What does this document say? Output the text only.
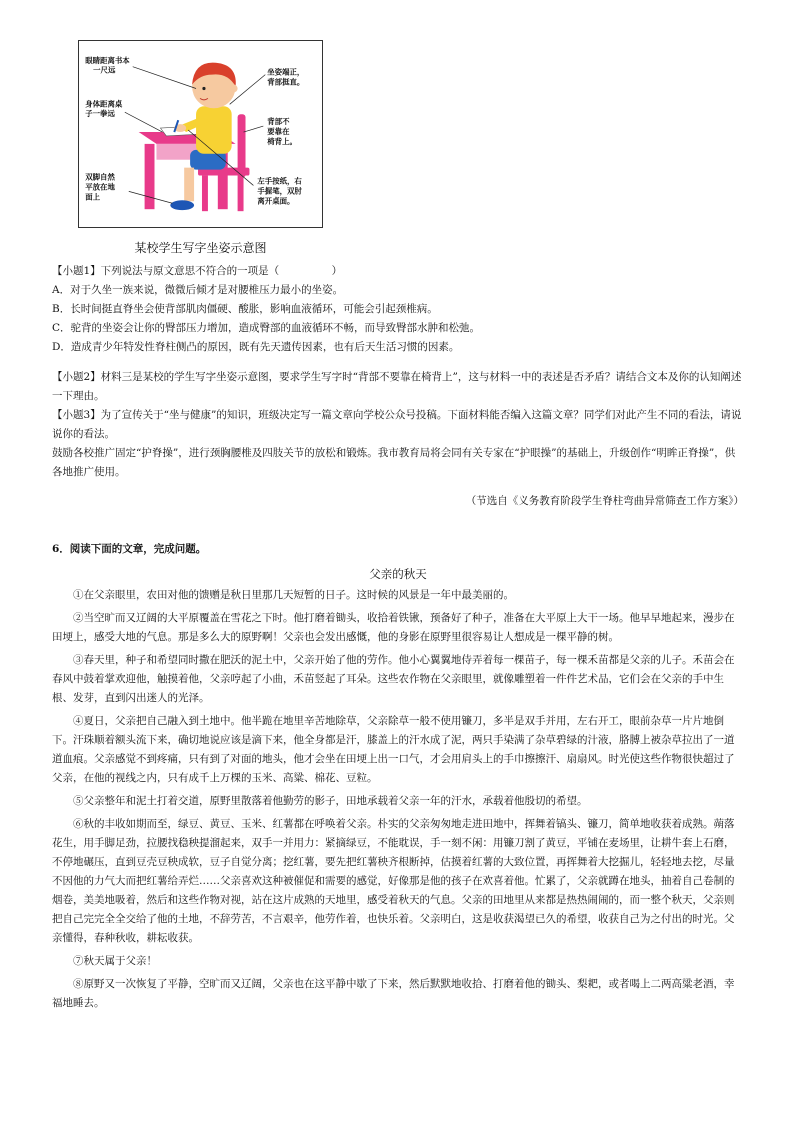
眼睛距离书本
一尺远
身体距离桌
子一拳远
双脚自然
平放在地
面上
坐姿端正，
背部挺直。
背部不
要靠在
椅背上。
左手按纸，右
手握笔，双肘
离开桌面。
某校学生写字坐姿示意图

【小题1】下列说法与原文意思不符合的一项是（　　　　　）

A．对于久坐一族来说，微微后倾才是对腰椎压力最小的坐姿。

B．长时间挺直脊坐会使背部肌肉僵硬、酸胀，影响血液循环，可能会引起颈椎病。

C．驼背的坐姿会让你的臀部压力增加，造成臀部的血液循环不畅，而导致臀部水肿和松弛。

D．造成青少年特发性脊柱侧凸的原因，既有先天遗传因素，也有后天生活习惯的因素。

【小题2】材料三是某校的学生写字坐姿示意图，要求学生写字时“背部不要靠在椅背上”，这与材料一中的表述是否矛盾？请结合文本及你的认知阐述一下理由。

【小题3】为了宣传关于“坐与健康”的知识，班级决定写一篇文章向学校公众号投稿。下面材料能否编入这篇文章？同学们对此产生不同的看法，请说说你的看法。

鼓励各校推广固定“护脊操”，进行颈胸腰椎及四肢关节的放松和锻炼。我市教育局将会同有关专家在“护眼操”的基础上，升级创作“明眸正脊操”，供各地推广使用。

（节选自《义务教育阶段学生脊柱弯曲异常筛查工作方案》）

6．阅读下面的文章，完成问题。

父亲的秋天

①在父亲眼里，农田对他的馈赠是秋日里那几天短暂的日子。这时候的风景是一年中最美丽的。

②当空旷而又辽阔的大平原覆盖在雪花之下时。他打磨着锄头，收拾着铁锹，预备好了种子，准备在大平原上大干一场。他早早地起来，漫步在田埂上，感受大地的气息。那是多么大的原野啊！父亲也会发出感慨，他的身影在原野里很容易让人想成是一棵平静的树。

③春天里，种子和希望同时撒在肥沃的泥土中，父亲开始了他的劳作。他小心翼翼地侍弄着每一棵苗子，每一棵禾苗都是父亲的儿子。禾苗会在春风中鼓着掌欢迎他，触摸着他，父亲哼起了小曲，禾苗竖起了耳朵。这些农作物在父亲眼里，就像雕塑着一件件艺术品，它们会在父亲的手中生根、发芽，直到闪出迷人的光泽。

④夏日，父亲把自己融入到土地中。他半跪在地里辛苦地除草，父亲除草一般不使用镰刀，多半是双手并用，左右开工，眼前杂草一片片地倒下。汗珠顺着额头流下来，确切地说应该是滴下来，他全身都是汗，膝盖上的汗水成了泥，两只手染满了杂草碧绿的汁液，胳膊上被杂草拉出了一道道血痕。父亲感觉不到疼痛，只有到了对面的地头，他才会坐在田埂上出一口气，才会用肩头上的手巾擦擦汗、扇扇风。时光使这些作物很快超过了父亲，在他的视线之内，只有成千上万棵的玉米、高粱、棉花、豆粒。

⑤父亲整年和泥土打着交道，原野里散落着他勤劳的影子，田地承载着父亲一年的汗水，承载着他殷切的希望。

⑥秋的丰收如期而至，绿豆、黄豆、玉米、红薯都在呼唤着父亲。朴实的父亲匆匆地走进田地中，挥舞着镐头、镰刀，简单地收获着成熟。蒴落花生，用手脚足劲，拉腰找稳秧提溜起来，双手一并用力：紧摘绿豆，不能耽误，手一刻不闲：用镰刀割了黄豆，平铺在麦场里，让耕牛套上石磨，不停地碾压，直到豆壳豆秧成软，豆子自觉分离；挖红薯，要先把红薯秧齐根断掉，估摸着红薯的大致位置，再挥舞着大挖掘儿，轻轻地去挖，尽量不因他的力气大而把红薯给弄烂……父亲喜欢这种被催促和需要的感觉，好像那是他的孩子在欢喜着他。忙累了，父亲就蹲在地头，抽着自己卷制的烟卷，美美地吸着，然后和这些作物对视，站在这片成熟的天地里，感受着秋天的气息。父亲的田地里从来都是热热闹闹的，而一整个秋天，父亲则把自己完完全全交给了他的土地，不辞劳苦，不言艰辛，他劳作着，也快乐着。父亲明白，这是收获渴望已久的希望，收获自己为之付出的时光。父亲懂得，春种秋收，耕耘收获。

⑦秋天属于父亲！

⑧原野又一次恢复了平静，空旷而又辽阔，父亲也在这平静中歇了下来，然后默默地收拾、打磨着他的锄头、梨耙，或者喝上二两高粱老酒，幸福地睡去。
